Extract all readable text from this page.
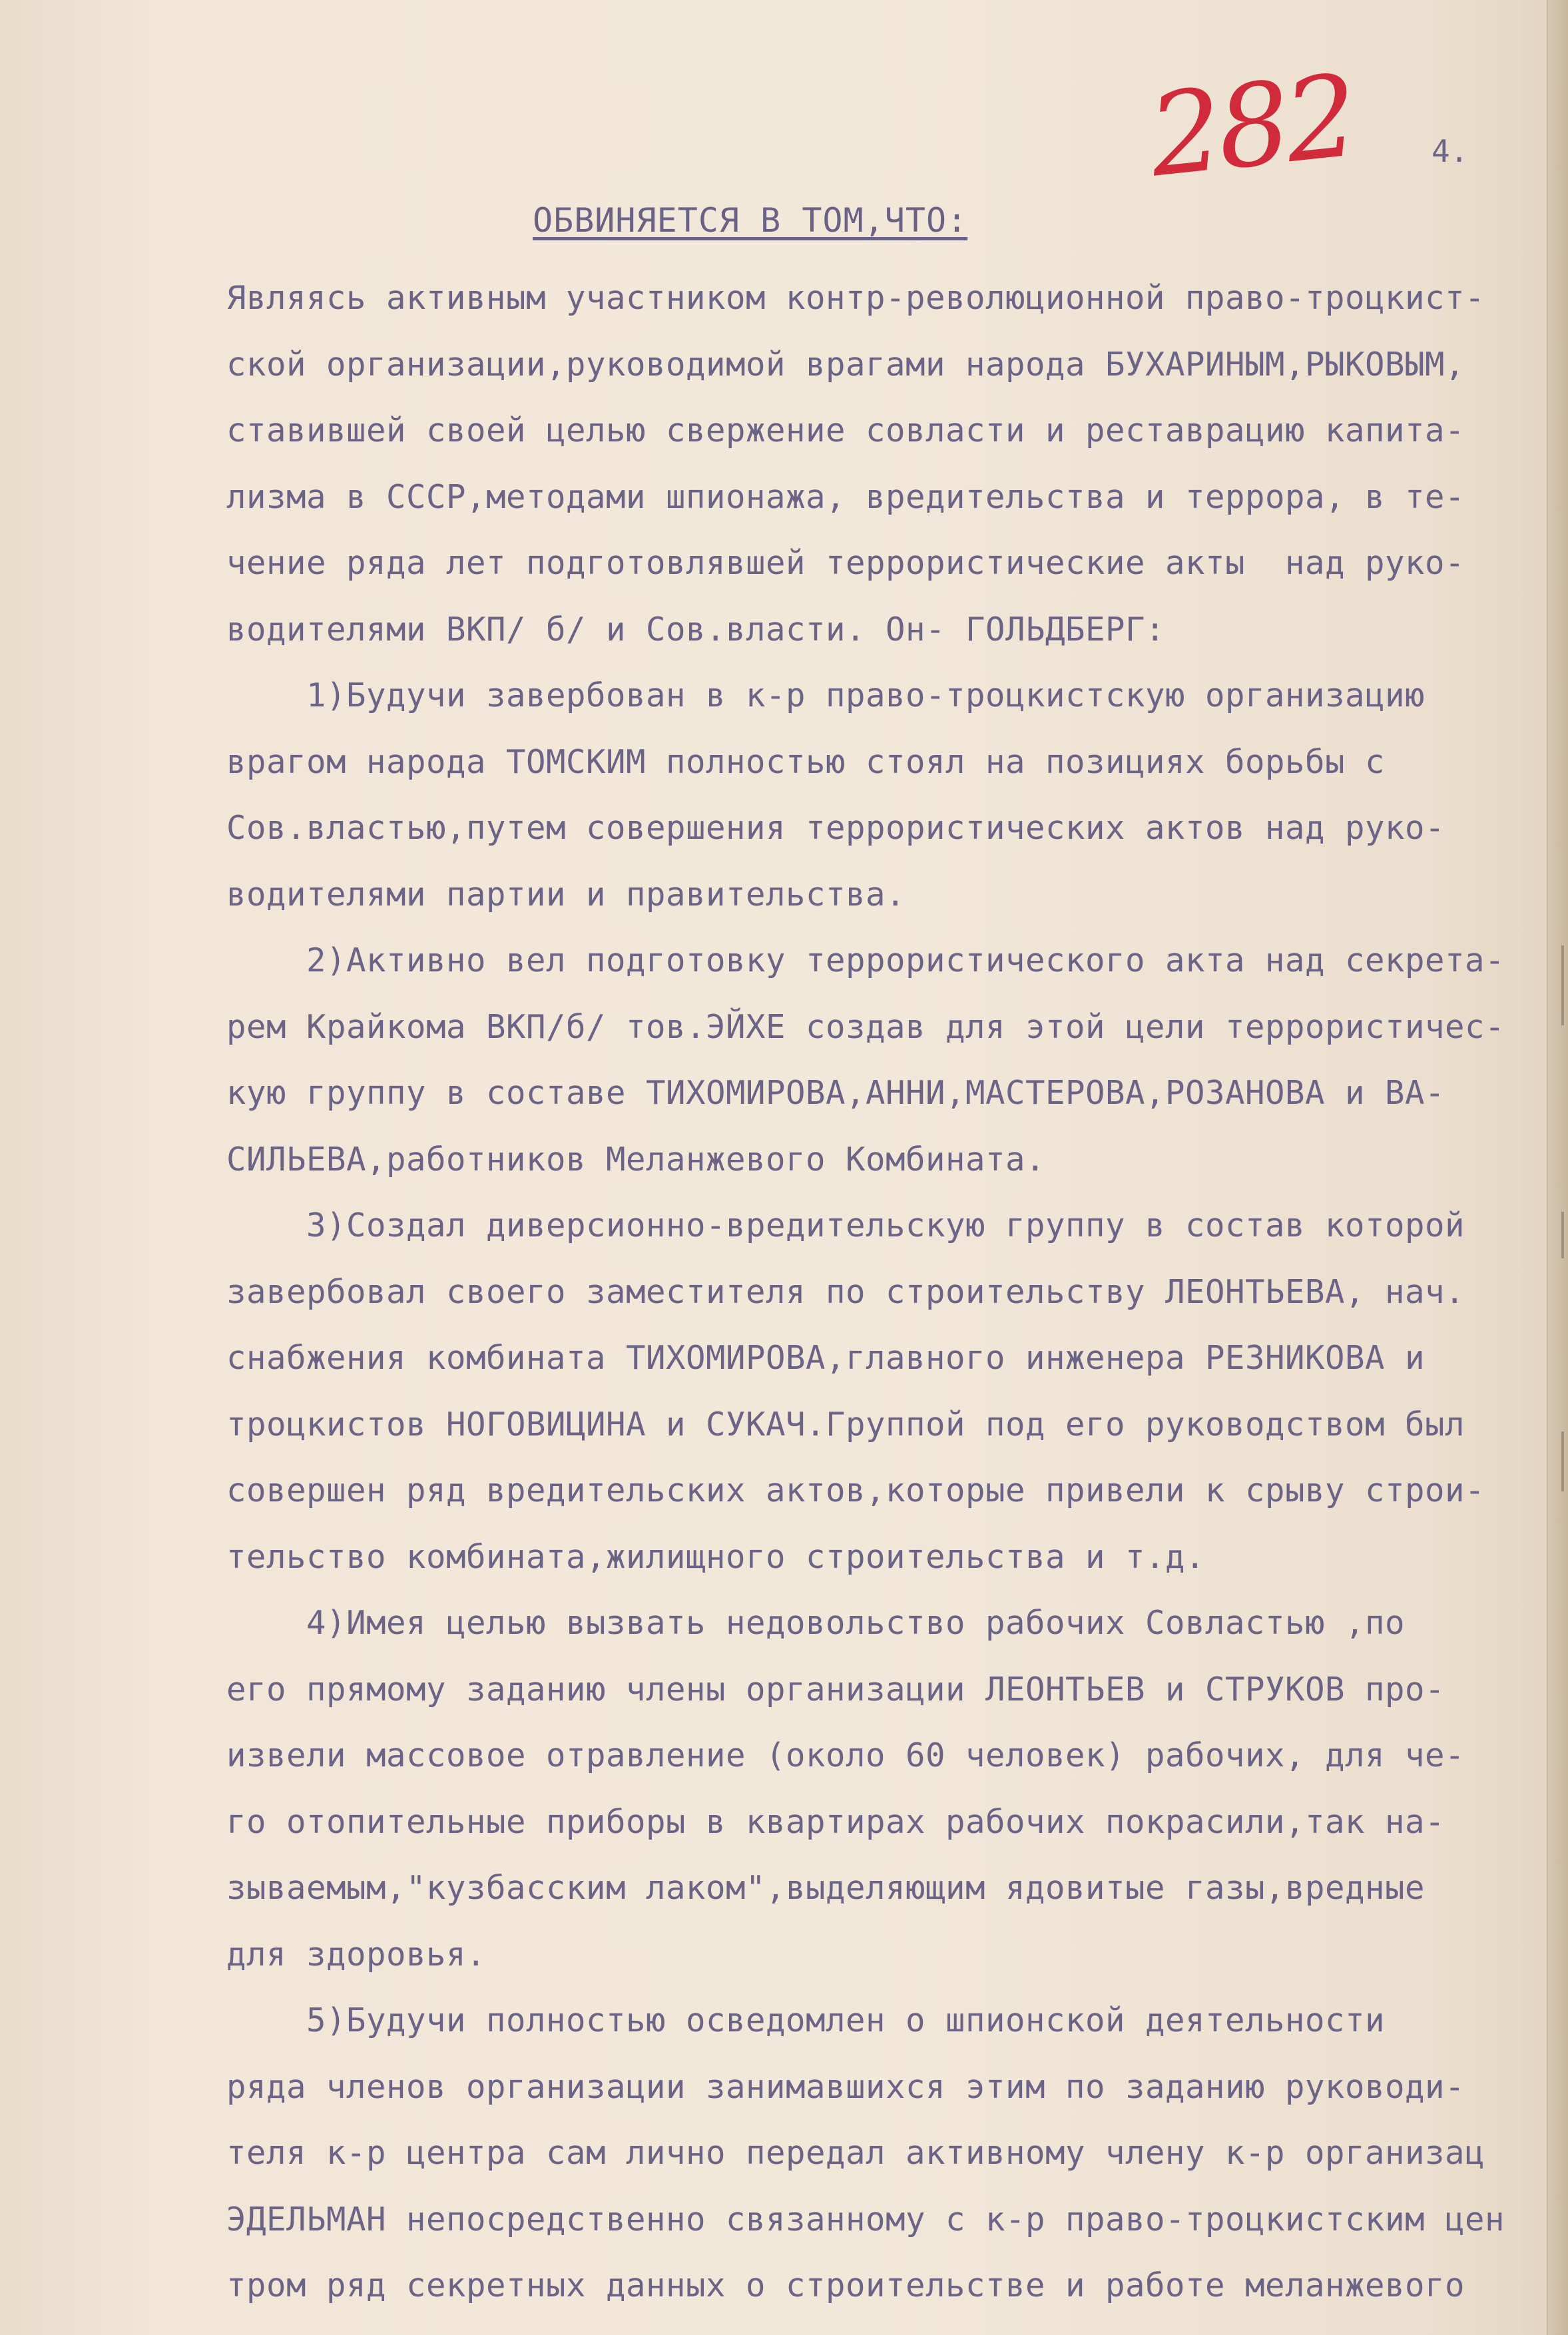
282 4.
ОБВИНЯЕТСЯ В ТОМ,ЧТО:
Являясь активным участником контр-революционной право-троцкист-
ской организации,руководимой врагами народа БУХАРИНЫМ,РЫКОВЫМ,
ставившей своей целью свержение совласти и реставрацию капита-
лизма в СССР,методами шпионажа, вредительства и террора, в те-
чение ряда лет подготовлявшей террористические акты  над руко-
водителями ВКП/ б/ и Сов.власти. Он- ГОЛЬДБЕРГ:
1)Будучи завербован в к-р право-троцкистскую организацию
врагом народа ТОМСКИМ полностью стоял на позициях борьбы с
Сов.властью,путем совершения террористических актов над руко-
водителями партии и правительства.
2)Активно вел подготовку террористического акта над секрета-
рем Крайкома ВКП/б/ тов.ЭЙХЕ создав для этой цели террористичес-
кую группу в составе ТИХОМИРОВА,АННИ,МАСТЕРОВА,РОЗАНОВА и ВА-
СИЛЬЕВА,работников Меланжевого Комбината.
3)Создал диверсионно-вредительскую группу в состав которой
завербовал своего заместителя по строительству ЛЕОНТЬЕВА, нач.
снабжения комбината ТИХОМИРОВА,главного инженера РЕЗНИКОВА и
троцкистов НОГОВИЦИНА и СУКАЧ.Группой под его руководством был
совершен ряд вредительских актов,которые привели к срыву строи-
тельство комбината,жилищного строительства и т.д.
4)Имея целью вызвать недовольство рабочих Совластью ,по
его прямому заданию члены организации ЛЕОНТЬЕВ и СТРУКОВ про-
извели массовое отравление (около 60 человек) рабочих, для че-
го отопительные приборы в квартирах рабочих покрасили,так на-
зываемым,"кузбасским лаком",выделяющим ядовитые газы,вредные
для здоровья.
5)Будучи полностью осведомлен о шпионской деятельности
ряда членов организации занимавшихся этим по заданию руководи-
теля к-р центра сам лично передал активному члену к-р организац
ЭДЕЛЬМАН непосредственно связанному с к-р право-троцкистским цен
тром ряд секретных данных о строительстве и работе меланжевого
